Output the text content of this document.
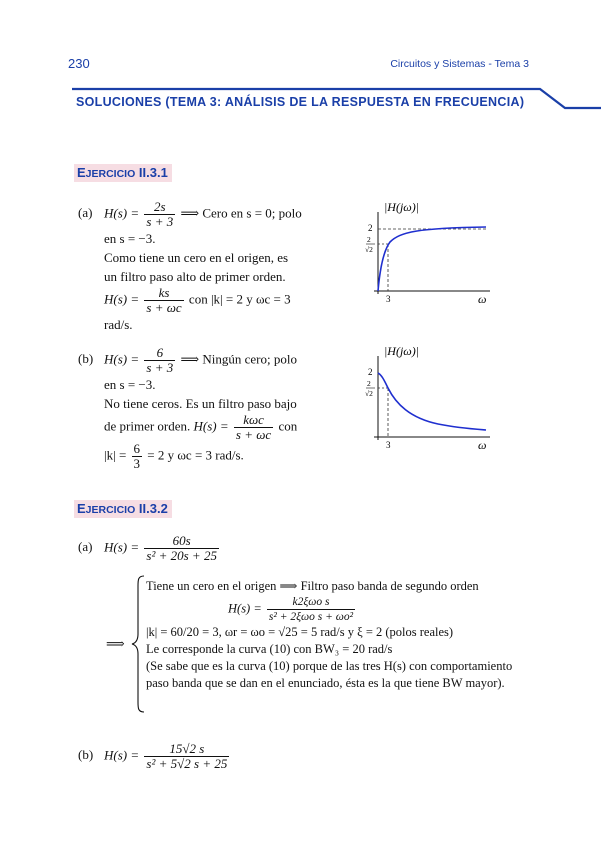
230	Circuitos y Sistemas - Tema 3
SOLUCIONES (TEMA 3: ANÁLISIS DE LA RESPUESTA EN FRECUENCIA)
EJERCICIO II.3.1

(a) $H(s) = \frac{2s}{s + 3}$ ⟹ Cero en s = 0; polo

en s = −3.

Como tiene un cero en el origen, es

un filtro paso alto de primer orden.

$H(s) = \frac{ks}{s + \omega c}$ con |k| = 2 y ωc = 3

rad/s.

|H(jω)|
2
2
√2
3	ω

(b) $H(s) = \frac{6}{s + 3}$ ⟹ Ningún cero; polo

en s = −3.

No tiene ceros. Es un filtro paso bajo

de primer orden. $H(s) = \frac{\text{kωc}}{s + \omega c}$ con

$|k| = \frac{6}{3} = 2$ y ωc = 3 rad/s.

|H(jω)|
2
2
√2
3	ω
EJERCICIO II.3.2

(a) $H(s) = \frac{60s}{\text{s² + 20s + 25}}$

⟹
Tiene un cero en el origen ⟹ Filtro paso banda de segundo orden
$H(s) = \frac{\text{k2ξωo s}}{\text{s² + 2ξωo s + ωo²}}$
|k| = 60/20 = 3, ωr = ωo = √25 = 5 rad/s y ξ = 2 (polos reales)
Le corresponde la curva (10) con BW₃ = 20 rad/s
(Se sabe que es la curva (10) porque de las tres H(s) con comportamiento
paso banda que se dan en el enunciado, ésta es la que tiene BW mayor).

(b) $H(s) = \frac{15√2 s}{\text{s² + 5√2 s + 25}}$
